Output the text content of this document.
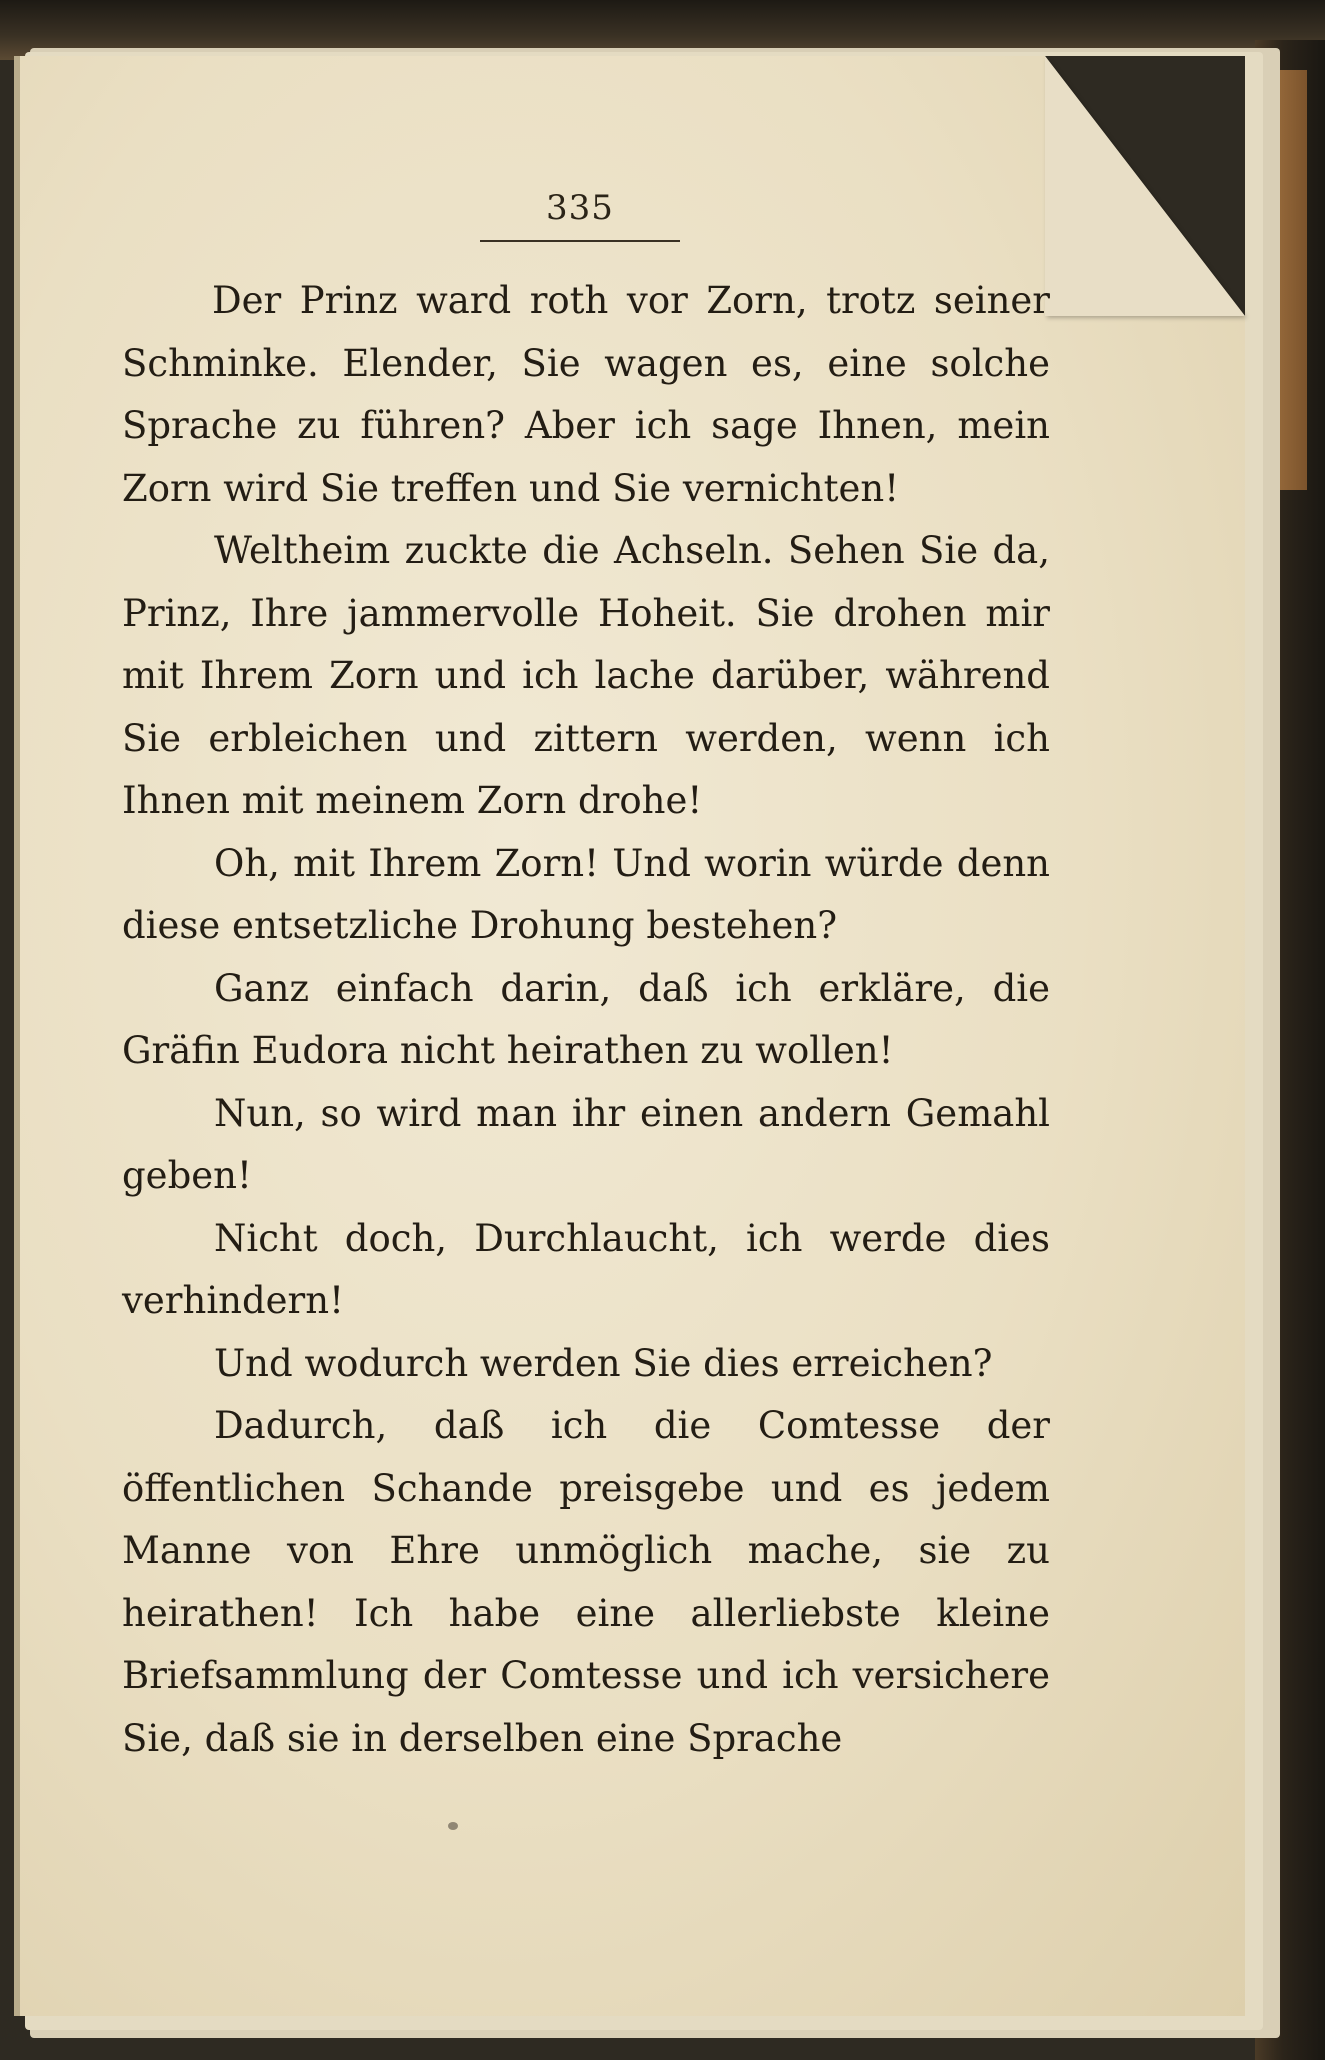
335

Der Prinz ward roth vor Zorn, trotz seiner Schminke. Elender, Sie wagen es, eine solche Sprache zu führen? Aber ich sage Ihnen, mein Zorn wird Sie treffen und Sie vernichten!

Weltheim zuckte die Achseln. Sehen Sie da, Prinz, Ihre jammervolle Hoheit. Sie drohen mir mit Ihrem Zorn und ich lache darüber, während Sie erbleichen und zittern werden, wenn ich Ihnen mit meinem Zorn drohe!

Oh, mit Ihrem Zorn! Und worin würde denn diese entsetzliche Drohung bestehen?

Ganz einfach darin, daß ich erkläre, die Gräfin Eudora nicht heirathen zu wollen!

Nun, so wird man ihr einen andern Gemahl geben!

Nicht doch, Durchlaucht, ich werde dies verhindern!

Und wodurch werden Sie dies erreichen?

Dadurch, daß ich die Comtesse der öffentlichen Schande preisgebe und es jedem Manne von Ehre unmöglich mache, sie zu heirathen! Ich habe eine allerliebste kleine Briefsammlung der Comtesse und ich versichere Sie, daß sie in derselben eine Sprache
